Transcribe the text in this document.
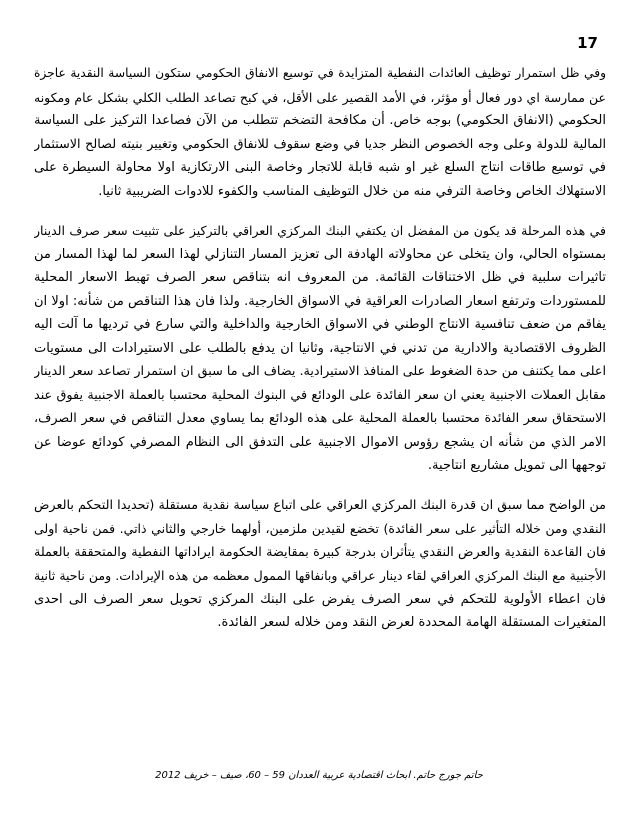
17

وفي ظل استمرار توظيف العائدات النفطية المتزايدة في توسيع الانفاق الحكومي ستكون السياسة النقدية عاجزة
عن ممارسة اي دور فعال أو مؤثر، في الأمد القصير على الأقل، في كبح تصاعد الطلب الكلي بشكل عام ومكونه
الحكومي (الانفاق الحكومي) بوجه خاص. أن مكافحة التضخم تتطلب من الآن فصاعدا التركيز على السياسة
المالية للدولة وعلى وجه الخصوص النظر جديا في وضع سقوف للانفاق الحكومي وتغيير بنيته لصالح الاستثمار
في توسيع طاقات انتاج السلع غير او شبه قابلة للاتجار وخاصة البنى الارتكازية اولا محاولة السيطرة على
الاستهلاك الخاص وخاصة الترفي منه من خلال التوظيف المناسب والكفوء للادوات الضريبية ثانيا.

في هذه المرحلة قد يكون من المفضل ان يكتفي البنك المركزي العراقي بالتركيز على تثبيت سعر صرف الدينار
بمستواه الحالي، وان يتخلى عن محاولاته الهادفة الى تعزيز المسار التنازلي لهذا السعر لما لهذا المسار من
تاثيرات سلبية في ظل الاختناقات القائمة. من المعروف انه بتناقص سعر الصرف تهبط الاسعار المحلية
للمستوردات وترتفع اسعار الصادرات العراقية في الاسواق الخارجية. ولذا فان هذا التناقص من شأنه: اولا ان
يفاقم من ضعف تنافسية الانتاج الوطني في الاسواق الخارجية والداخلية والتي سارع في ترديها ما آلت اليه
الظروف الاقتصادية والادارية من تدني في الانتاجية، وثانيا ان يدفع بالطلب على الاستيرادات الى مستويات
اعلى مما يكتنف من حدة الضغوط على المنافذ الاستيرادية. يضاف الى ما سبق ان استمرار تصاعد سعر الدينار
مقابل العملات الاجنبية يعني ان سعر الفائدة على الودائع في البنوك المحلية محتسبا بالعملة الاجنبية يفوق عند
الاستحقاق سعر الفائدة محتسبا بالعملة المحلية على هذه الودائع بما يساوي معدل التناقص في سعر الصرف،
الامر الذي من شأنه ان يشجع رؤوس الاموال الاجنبية على التدفق الى النظام المصرفي كودائع عوضا عن
توجهها الى تمويل مشاريع انتاجية.

من الواضح مما سبق ان قدرة البنك المركزي العراقي على اتباع سياسة نقدية مستقلة (تحديدا التحكم بالعرض
النقدي ومن خلاله التأثير على سعر الفائدة) تخضع لقيدين ملزمين، أولهما خارجي والثاني ذاتي. فمن ناحية اولى
فان القاعدة النقدية والعرض النقدي يتأثران بدرجة كبيرة بمقايضة الحكومة ايراداتها النفطية والمتحققة بالعملة
الأجنبية مع البنك المركزي العراقي لقاء دينار عراقي وبانفاقها الممول معظمه من هذه الإيرادات. ومن ناحية ثانية
فان اعطاء الأولوية للتحكم في سعر الصرف يفرض على البنك المركزي تحويل سعر الصرف الى احدى
المتغيرات المستقلة الهامة المحددة لعرض النقد ومن خلاله لسعر الفائدة.

حاتم جورج حاتم. ابحاث اقتصادية عربية العددان 59 – 60، صيف – خريف 2012
